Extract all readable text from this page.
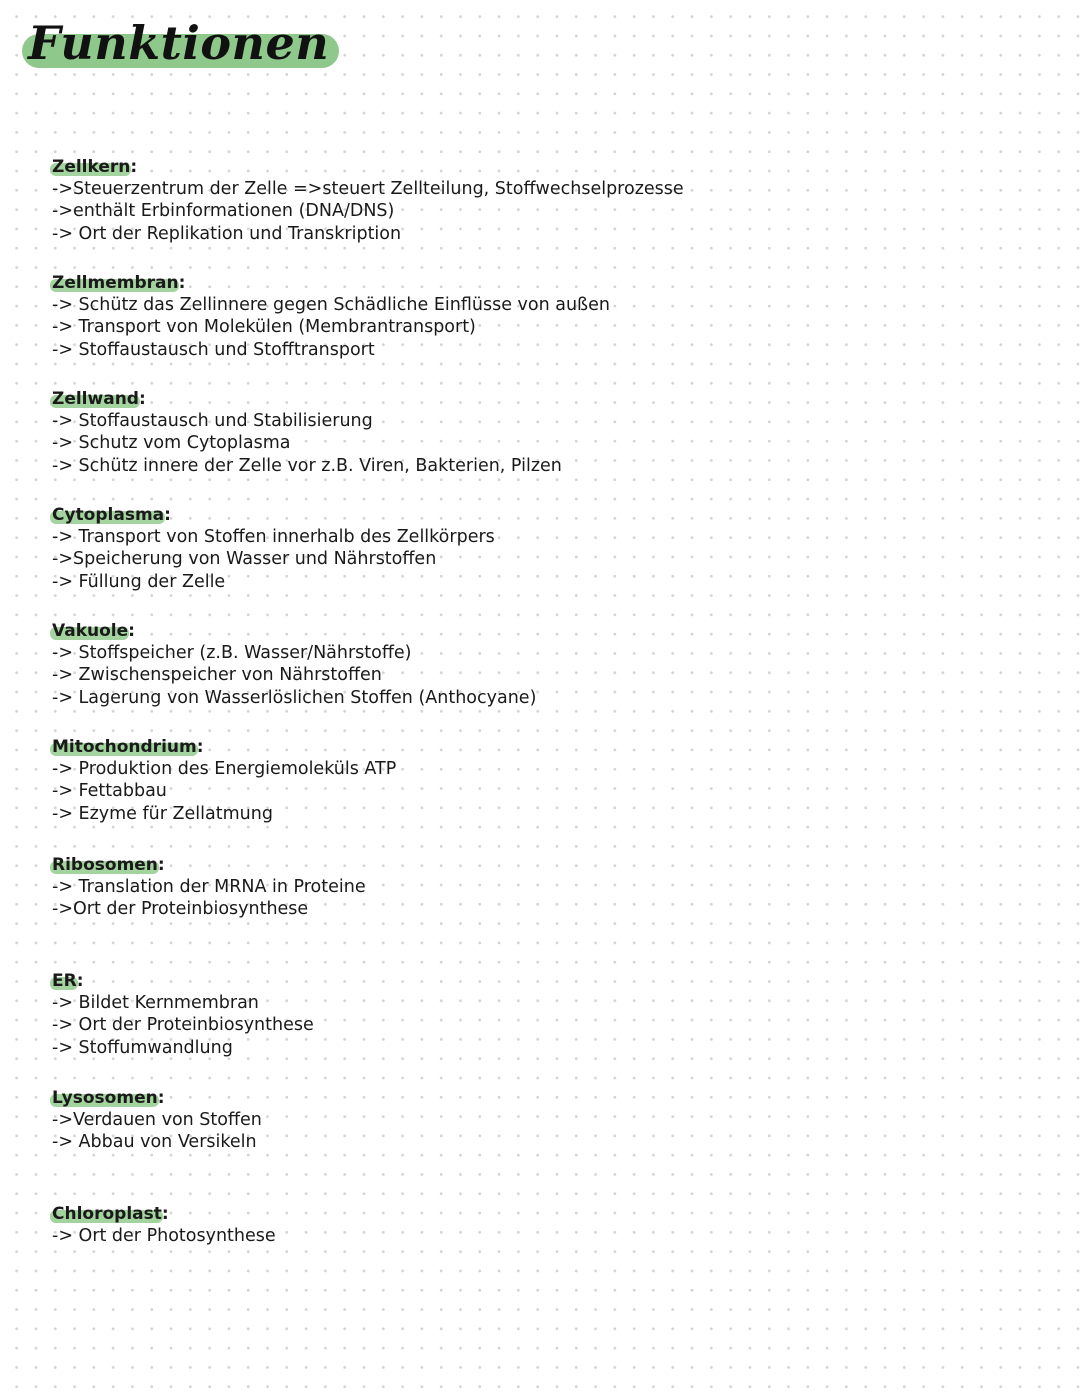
Funktionen
Zellkern:
->Steuerzentrum der Zelle =>steuert Zellteilung, Stoffwechselprozesse
->enthält Erbinformationen (DNA/DNS)
-> Ort der Replikation und Transkription
Zellmembran:
-> Schütz das Zellinnere gegen Schädliche Einflüsse von außen
-> Transport von Molekülen (Membrantransport)
-> Stoffaustausch und Stofftransport
Zellwand:
-> Stoffaustausch und Stabilisierung
-> Schutz vom Cytoplasma
-> Schütz innere der Zelle vor z.B. Viren, Bakterien, Pilzen
Cytoplasma:
-> Transport von Stoffen innerhalb des Zellkörpers
->Speicherung von Wasser und Nährstoffen
-> Füllung der Zelle
Vakuole:
-> Stoffspeicher (z.B. Wasser/Nährstoffe)
-> Zwischenspeicher von Nährstoffen
-> Lagerung von Wasserlöslichen Stoffen (Anthocyane)
Mitochondrium:
-> Produktion des Energiemoleküls ATP
-> Fettabbau
-> Ezyme für Zellatmung
Ribosomen:
-> Translation der MRNA in Proteine
->Ort der Proteinbiosynthese
ER:
-> Bildet Kernmembran
-> Ort der Proteinbiosynthese
-> Stoffumwandlung
Lysosomen:
->Verdauen von Stoffen
-> Abbau von Versikeln
Chloroplast:
-> Ort der Photosynthese
